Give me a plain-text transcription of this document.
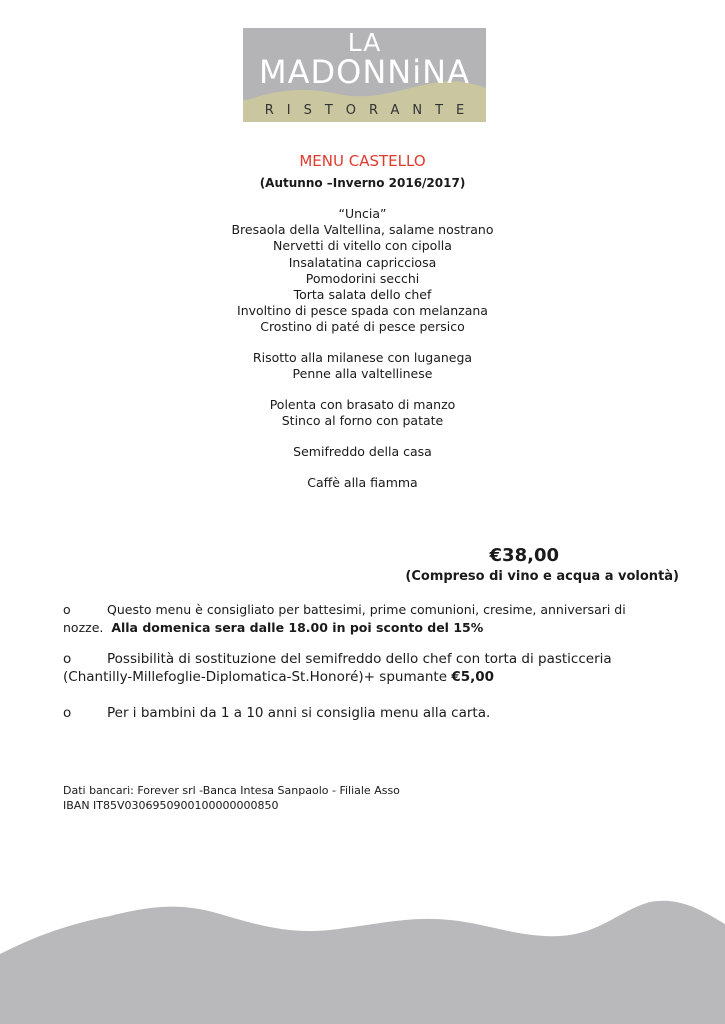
LA
MADONNiNA
RISTORANTE
MENU CASTELLO
(Autunno –Inverno 2016/2017)
“Uncia”
Bresaola della Valtellina, salame nostrano
Nervetti di vitello con cipolla
Insalatatina capricciosa
Pomodorini secchi
Torta salata dello chef
Involtino di pesce spada con melanzana
Crostino di paté di pesce persico
Risotto alla milanese con luganega
Penne alla valtellinese
Polenta con brasato di manzo
Stinco al forno con patate
Semifreddo della casa
Caffè alla fiamma
€38,00
(Compreso di vino e acqua a volontà)
o	Questo menu è consigliato per battesimi, prime comunioni, cresime, anniversari di nozze. Alla domenica sera dalle 18.00 in poi sconto del 15%
o	Possibilità di sostituzione del semifreddo dello chef con torta di pasticceria (Chantilly-Millefoglie-Diplomatica-St.Honoré)+ spumante €5,00
o	Per i bambini da 1 a 10 anni si consiglia menu alla carta.
Dati bancari: Forever srl -Banca Intesa Sanpaolo - Filiale Asso
IBAN IT85V0306950900100000000850
